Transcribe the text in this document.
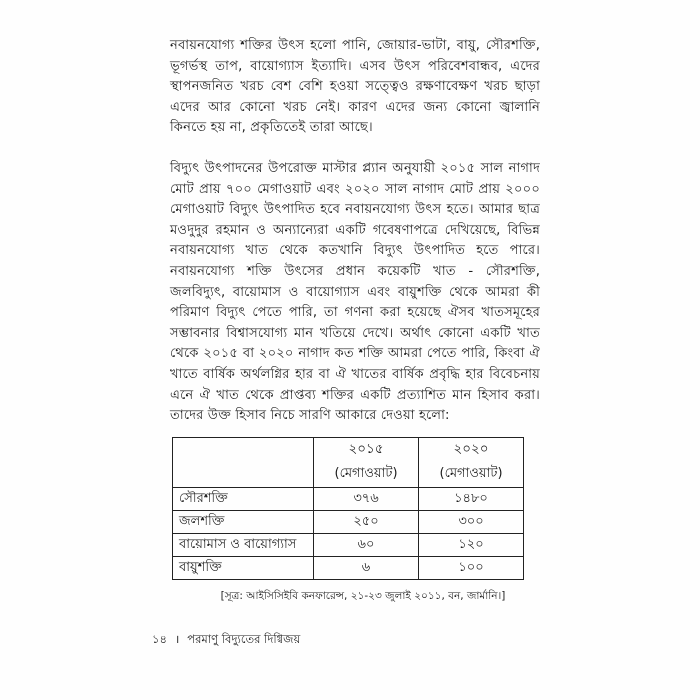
নবায়নযোগ্য শক্তির উৎস হলো পানি, জোয়ার-ভাটা, বায়ু, সৌরশক্তি, ভূগর্ভস্থ তাপ, বায়োগ্যাস ইত্যাদি। এসব উৎস পরিবেশবান্ধব, এদের স্থাপনজনিত খরচ বেশ বেশি হওয়া সত্ত্বেও রক্ষণাবেক্ষণ খরচ ছাড়া এদের আর কোনো খরচ নেই। কারণ এদের জন্য কোনো জ্বালানি কিনতে হয় না, প্রকৃতিতেই তারা আছে।

বিদ্যুৎ উৎপাদনের উপরোক্ত মাস্টার প্ল্যান অনুযায়ী ২০১৫ সাল নাগাদ মোট প্রায় ৭০০ মেগাওয়াট এবং ২০২০ সাল নাগাদ মোট প্রায় ২০০০ মেগাওয়াট বিদ্যুৎ উৎপাদিত হবে নবায়নযোগ্য উৎস হতে। আমার ছাত্র মওদুদুর রহমান ও অন্যান্যেরা একটি গবেষণাপত্রে দেখিয়েছে, বিভিন্ন নবায়নযোগ্য খাত থেকে কতখানি বিদ্যুৎ উৎপাদিত হতে পারে। নবায়নযোগ্য শক্তি উৎসের প্রধান কয়েকটি খাত - সৌরশক্তি, জলবিদ্যুৎ, বায়োমাস ও বায়োগ্যাস এবং বায়ুশক্তি থেকে আমরা কী পরিমাণ বিদ্যুৎ পেতে পারি, তা গণনা করা হয়েছে ঐসব খাতসমূহের সম্ভাবনার বিশ্বাসযোগ্য মান খতিয়ে দেখে। অর্থাৎ কোনো একটি খাত থেকে ২০১৫ বা ২০২০ নাগাদ কত শক্তি আমরা পেতে পারি, কিংবা ঐ খাতে বার্ষিক অর্থলগ্নির হার বা ঐ খাতের বার্ষিক প্রবৃদ্ধি হার বিবেচনায় এনে ঐ খাত থেকে প্রাপ্তব্য শক্তির একটি প্রত্যাশিত মান হিসাব করা। তাদের উক্ত হিসাব নিচে সারণি আকারে দেওয়া হলো:

	২০১৫	২০২০
	(মেগাওয়াট)	(মেগাওয়াট)
সৌরশক্তি	৩৭৬	১৪৮০
জলশক্তি	২৫০	৩০০
বায়োমাস ও বায়োগ্যাস	৬০	১২০
বায়ুশক্তি	৬	১০০
[সূত্র: আইসিসিইবি কনফারেন্স, ২১-২৩ জুলাই ২০১১, বন, জার্মানি।]
১৪ । পরমাণু বিদ্যুতের দিগ্বিজয়
